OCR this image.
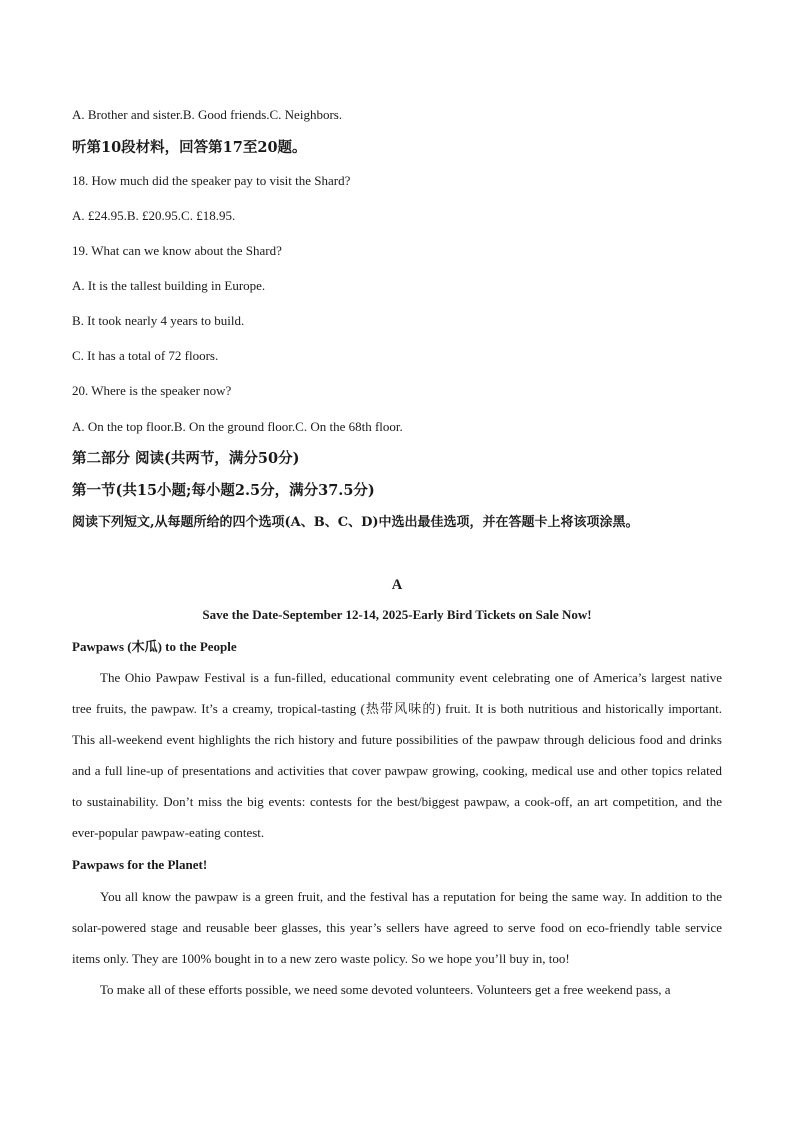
A. Brother and sister.B. Good friends.C. Neighbors.
听第10段材料，回答第17至20题。
18. How much did the speaker pay to visit the Shard?
A. £24.95.B. £20.95.C. £18.95.
19. What can we know about the Shard?
A. It is the tallest building in Europe.
B. It took nearly 4 years to build.
C. It has a total of 72 floors.
20. Where is the speaker now?
A. On the top floor.B. On the ground floor.C. On the 68th floor.
第二部分 阅读(共两节，满分50分)
第一节(共15小题;每小题2.5分，满分37.5分)
阅读下列短文,从每题所给的四个选项(A、B、C、D)中选出最佳选项，并在答题卡上将该项涂黑。
A
Save the Date-September 12-14, 2025-Early Bird Tickets on Sale Now!
Pawpaws (木瓜) to the People
The Ohio Pawpaw Festival is a fun-filled, educational community event celebrating one of America’s largest native tree fruits, the pawpaw. It’s a creamy, tropical-tasting (热带风味的) fruit. It is both nutritious and historically important. This all-weekend event highlights the rich history and future possibilities of the pawpaw through delicious food and drinks and a full line-up of presentations and activities that cover pawpaw growing, cooking, medical use and other topics related to sustainability. Don’t miss the big events: contests for the best/biggest pawpaw, a cook-off, an art competition, and the ever-popular pawpaw-eating contest.
Pawpaws for the Planet!
You all know the pawpaw is a green fruit, and the festival has a reputation for being the same way. In addition to the solar-powered stage and reusable beer glasses, this year’s sellers have agreed to serve food on eco-friendly table service items only. They are 100% bought in to a new zero waste policy. So we hope you’ll buy in, too!
To make all of these efforts possible, we need some devoted volunteers. Volunteers get a free weekend pass, a
